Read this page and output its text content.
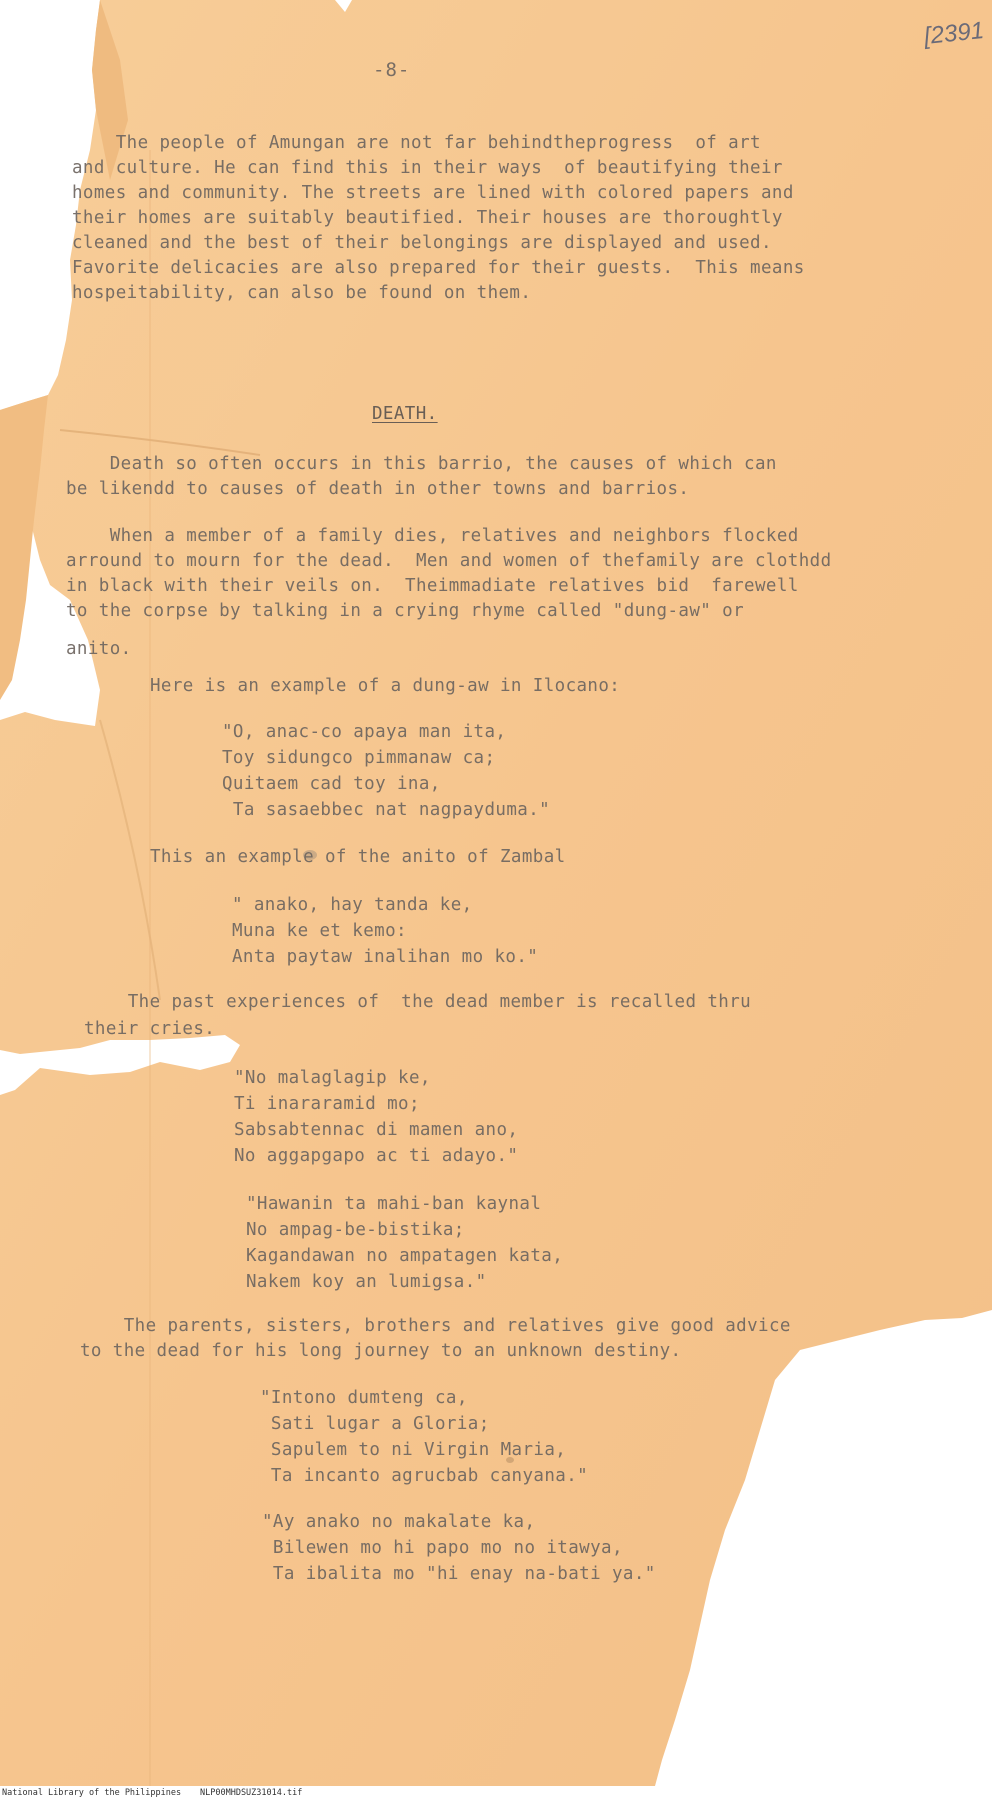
[2391

-8-

The people of Amungan are not far behindtheprogress  of art

and culture. He can find this in their ways  of beautifying their

homes and community. The streets are lined with colored papers and

their homes are suitably beautified. Their houses are thoroughtly

cleaned and the best of their belongings are displayed and used.

Favorite delicacies are also prepared for their guests.  This means

hospeitability, can also be found on them.

DEATH.

Death so often occurs in this barrio, the causes of which can

be likendd to causes of death in other towns and barrios.

When a member of a family dies, relatives and neighbors flocked

arround to mourn for the dead.  Men and women of thefamily are clothdd

in black with their veils on.  Theimmadiate relatives bid  farewell

to the corpse by talking in a crying rhyme called "dung-aw" or

anito.

Here is an example of a dung-aw in Ilocano:

"O, anac-co apaya man ita,

Toy sidungco pimmanaw ca;

Quitaem cad toy ina,

Ta sasaebbec nat nagpayduma."

This an example of the anito of Zambal

" anako, hay tanda ke,

Muna ke et kemo:

Anta paytaw inalihan mo ko."

The past experiences of  the dead member is recalled thru

their cries.

"No malaglagip ke,

Ti inararamid mo;

Sabsabtennac di mamen ano,

No aggapgapo ac ti adayo."

"Hawanin ta mahi-ban kaynal

No ampag-be-bistika;

Kagandawan no ampatagen kata,

Nakem koy an lumigsa."

The parents, sisters, brothers and relatives give good advice

to the dead for his long journey to an unknown destiny.

"Intono dumteng ca,

Sati lugar a Gloria;

Sapulem to ni Virgin Maria,

Ta incanto agrucbab canyana."

"Ay anako no makalate ka,

Bilewen mo hi papo mo no itawya,

Ta ibalita mo "hi enay na-bati ya."

National Library of the Philippines NLP00MHDSUZ31014.tif
